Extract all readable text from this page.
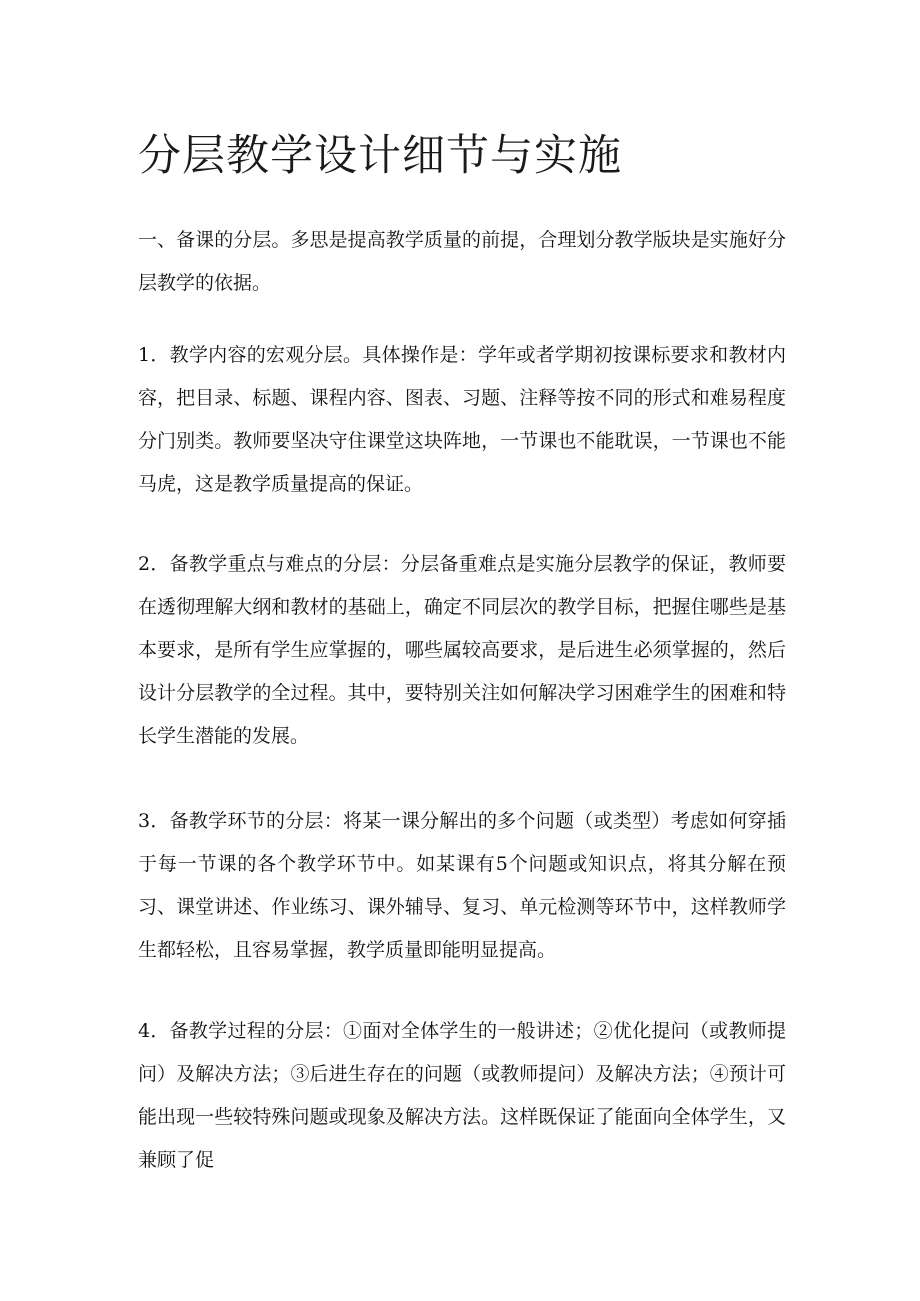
分层教学设计细节与实施

一、备课的分层。多思是提高教学质量的前提，合理划分教学版块是实施好分层教学的依据。

1．教学内容的宏观分层。具体操作是：学年或者学期初按课标要求和教材内容，把目录、标题、课程内容、图表、习题、注释等按不同的形式和难易程度分门别类。教师要坚决守住课堂这块阵地，一节课也不能耽误，一节课也不能马虎，这是教学质量提高的保证。

2．备教学重点与难点的分层：分层备重难点是实施分层教学的保证，教师要在透彻理解大纲和教材的基础上，确定不同层次的教学目标，把握住哪些是基本要求，是所有学生应掌握的，哪些属较高要求，是后进生必须掌握的，然后设计分层教学的全过程。其中，要特别关注如何解决学习困难学生的困难和特长学生潜能的发展。

3．备教学环节的分层：将某一课分解出的多个问题（或类型）考虑如何穿插于每一节课的各个教学环节中。如某课有5个问题或知识点，将其分解在预习、课堂讲述、作业练习、课外辅导、复习、单元检测等环节中，这样教师学生都轻松，且容易掌握，教学质量即能明显提高。

4．备教学过程的分层：①面对全体学生的一般讲述；②优化提问（或教师提问）及解决方法；③后进生存在的问题（或教师提问）及解决方法；④预计可能出现一些较特殊问题或现象及解决方法。这样既保证了能面向全体学生，又兼顾了促
